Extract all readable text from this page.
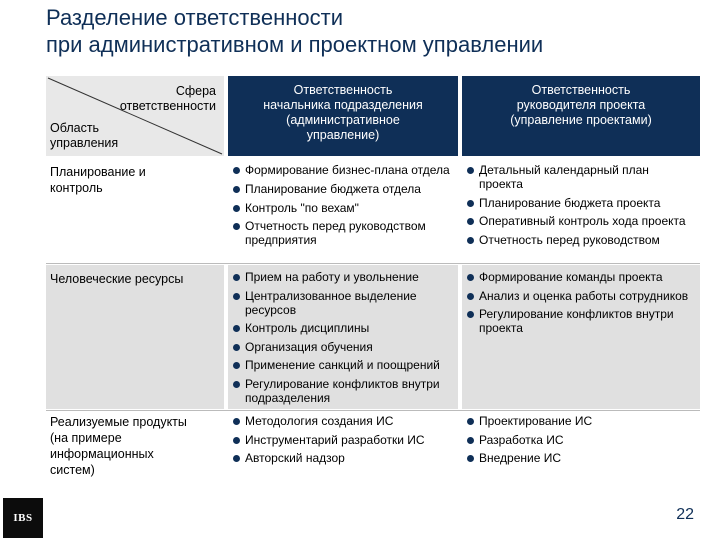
Разделение ответственности
при административном и проектном управлении
Сфера
ответственности
Область
управления
Ответственность
начальника подразделения
(административное
управление)
Ответственность
руководителя проекта
(управление проектами)
Планирование и
контроль
Формирование бизнес-плана отдела
Планирование бюджета отдела
Контроль "по вехам"
Отчетность перед руководством предприятия
Детальный календарный план проекта
Планирование бюджета проекта
Оперативный контроль хода проекта
Отчетность перед руководством
Человеческие ресурсы	Прием на работу и увольнение
Централизованное выделение ресурсов
Контроль дисциплины
Организация обучения
Применение санкций и поощрений
Регулирование конфликтов внутри подразделения
Формирование команды проекта
Анализ и оценка работы сотрудников
Регулирование конфликтов внутри проекта
Реализуемые продукты
(на примере
информационных
систем)
Методология создания ИС
Инструментарий разработки ИС
Авторский надзор
Проектирование ИС
Разработка ИС
Внедрение ИС
IBS	22
